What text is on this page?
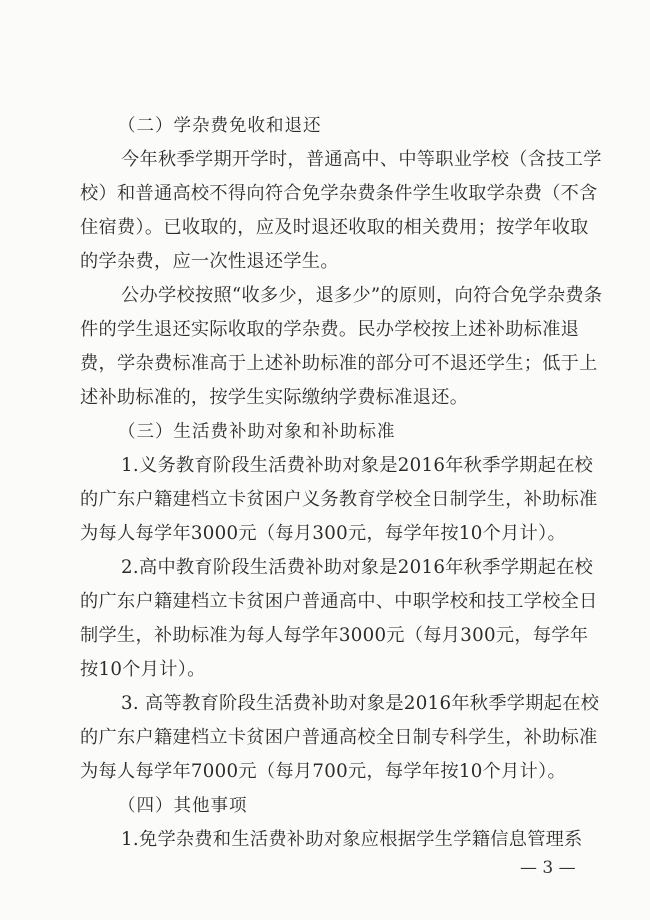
（二）学杂费免收和退还
今年秋季学期开学时，普通高中、中等职业学校（含技工学
校）和普通高校不得向符合免学杂费条件学生收取学杂费（不含
住宿费）。已收取的，应及时退还收取的相关费用；按学年收取
的学杂费，应一次性退还学生。
公办学校按照“收多少，退多少”的原则，向符合免学杂费条
件的学生退还实际收取的学杂费。民办学校按上述补助标准退
费，学杂费标准高于上述补助标准的部分可不退还学生；低于上
述补助标准的，按学生实际缴纳学费标准退还。
（三）生活费补助对象和补助标准
1.义务教育阶段生活费补助对象是2016年秋季学期起在校
的广东户籍建档立卡贫困户义务教育学校全日制学生，补助标准
为每人每学年3000元（每月300元，每学年按10个月计）。
2.高中教育阶段生活费补助对象是2016年秋季学期起在校
的广东户籍建档立卡贫困户普通高中、中职学校和技工学校全日
制学生，补助标准为每人每学年3000元（每月300元，每学年
按10个月计）。
3. 高等教育阶段生活费补助对象是2016年秋季学期起在校
的广东户籍建档立卡贫困户普通高校全日制专科学生，补助标准
为每人每学年7000元（每月700元，每学年按10个月计）。
（四）其他事项
1.免学杂费和生活费补助对象应根据学生学籍信息管理系
— 3 —
